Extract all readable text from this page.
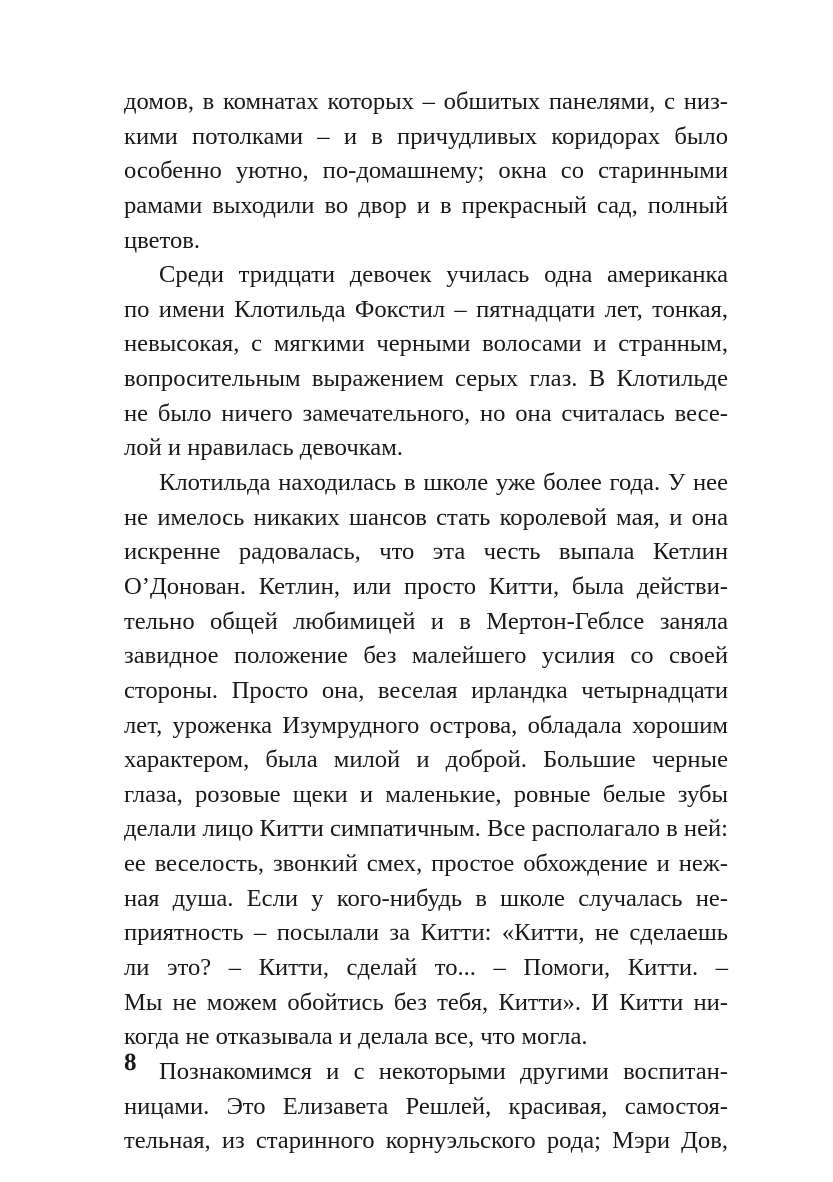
домов, в комнатах которых – обшитых панелями, с низ-
кими потолками – и в причудливых коридорах было
особенно уютно, по-домашнему; окна со старинными
рамами выходили во двор и в прекрасный сад, полный
цветов.
Среди тридцати девочек училась одна американка
по имени Клотильда Фокстил – пятнадцати лет, тонкая,
невысокая, с мягкими черными волосами и странным,
вопросительным выражением серых глаз. В Клотильде
не было ничего замечательного, но она считалась весе-
лой и нравилась девочкам.
Клотильда находилась в школе уже более года. У нее
не имелось никаких шансов стать королевой мая, и она
искренне радовалась, что эта честь выпала Кетлин
О’Донован. Кетлин, или просто Китти, была действи-
тельно общей любимицей и в Мертон-Геблсе заняла
завидное положение без малейшего усилия со своей
стороны. Просто она, веселая ирландка четырнадцати
лет, уроженка Изумрудного острова, обладала хорошим
характером, была милой и доброй. Большие черные
глаза, розовые щеки и маленькие, ровные белые зубы
делали лицо Китти симпатичным. Все располагало в ней:
ее веселость, звонкий смех, простое обхождение и неж-
ная душа. Если у кого-нибудь в школе случалась не-
приятность – посылали за Китти: «Китти, не сделаешь
ли это? – Китти, сделай то... – Помоги, Китти. –
Мы не можем обойтись без тебя, Китти». И Китти ни-
когда не отказывала и делала все, что могла.
Познакомимся и с некоторыми другими воспитан-
ницами. Это Елизавета Решлей, красивая, самостоя-
тельная, из старинного корнуэльского рода; Мэри Дов,
8
